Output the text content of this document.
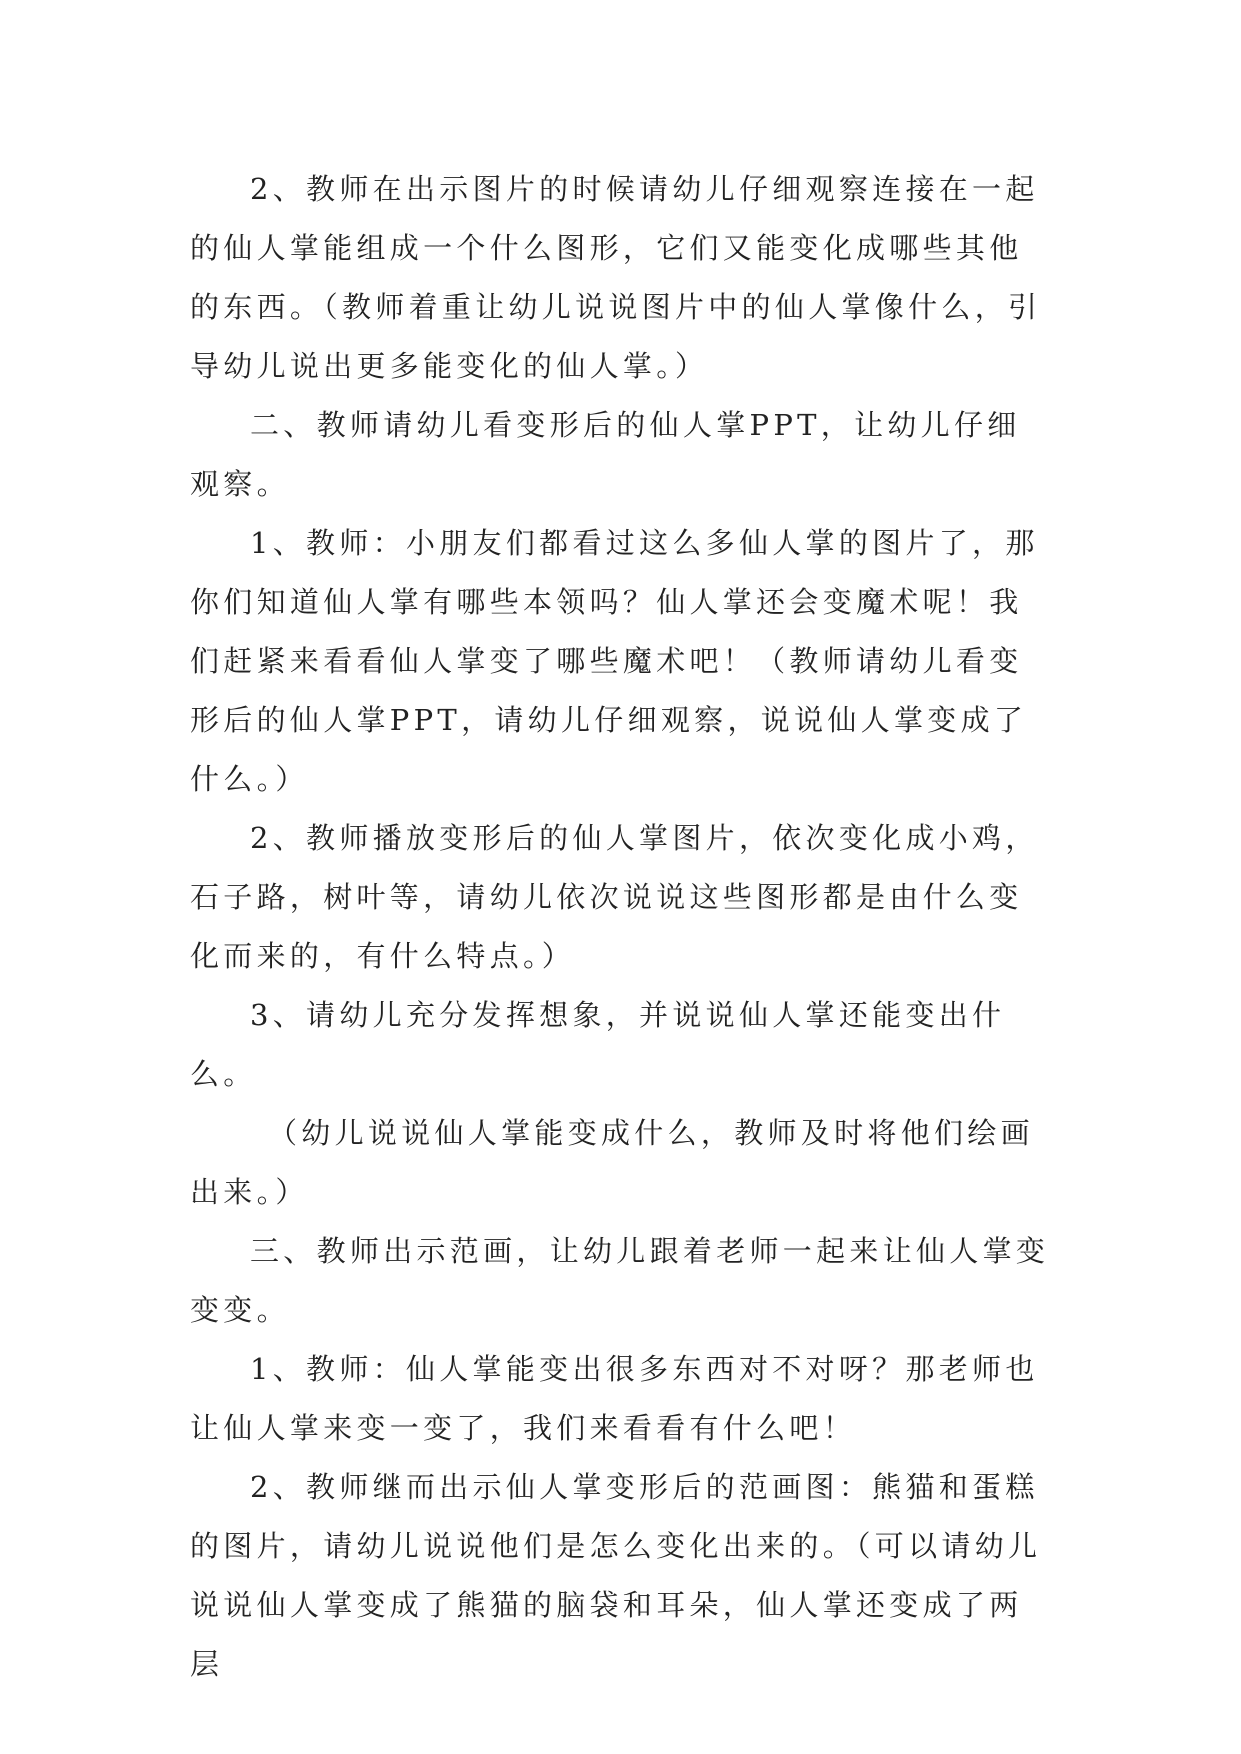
2、教师在出示图片的时候请幼儿仔细观察连接在一起的仙人掌能组成一个什么图形，它们又能变化成哪些其他的东西。（教师着重让幼儿说说图片中的仙人掌像什么，引导幼儿说出更多能变化的仙人掌。）

二、教师请幼儿看变形后的仙人掌PPT，让幼儿仔细观察。

1、教师：小朋友们都看过这么多仙人掌的图片了，那你们知道仙人掌有哪些本领吗？仙人掌还会变魔术呢！我们赶紧来看看仙人掌变了哪些魔术吧！（教师请幼儿看变形后的仙人掌PPT，请幼儿仔细观察，说说仙人掌变成了什么。）

2、教师播放变形后的仙人掌图片，依次变化成小鸡，石子路，树叶等，请幼儿依次说说这些图形都是由什么变化而来的，有什么特点。）

3、请幼儿充分发挥想象，并说说仙人掌还能变出什么。

（幼儿说说仙人掌能变成什么，教师及时将他们绘画出来。）

三、教师出示范画，让幼儿跟着老师一起来让仙人掌变变变。

1、教师：仙人掌能变出很多东西对不对呀？那老师也让仙人掌来变一变了，我们来看看有什么吧！

2、教师继而出示仙人掌变形后的范画图：熊猫和蛋糕的图片，请幼儿说说他们是怎么变化出来的。（可以请幼儿说说仙人掌变成了熊猫的脑袋和耳朵，仙人掌还变成了两层
